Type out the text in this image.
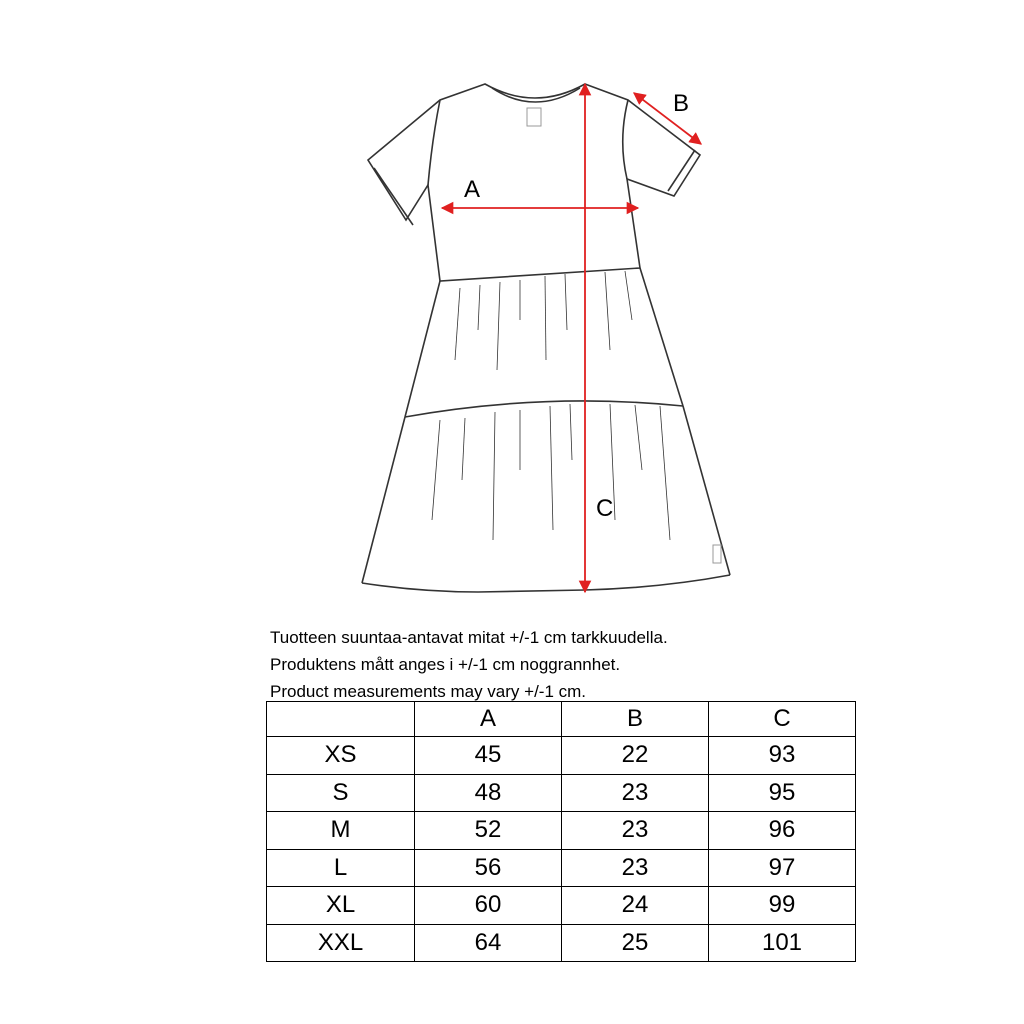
A
B
C
Tuotteen suuntaa-antavat mitat +/-1 cm tarkkuudella.
Produktens mått anges i +/-1 cm noggrannhet.
Product measurements may vary +/-1 cm.
	A	B	C
XS	45	22	93
S	48	23	95
M	52	23	96
L	56	23	97
XL	60	24	99
XXL	64	25	101
